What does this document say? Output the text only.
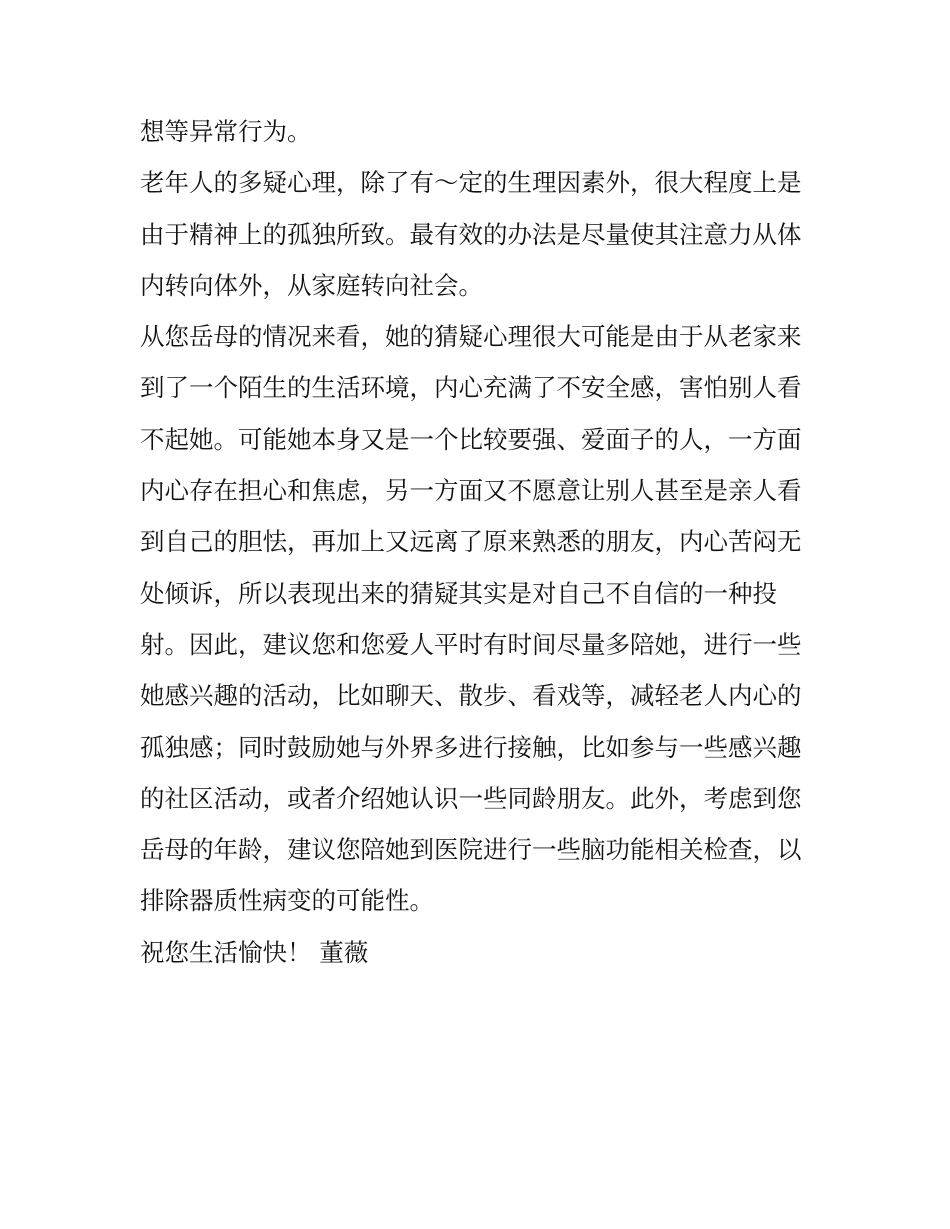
想等异常行为。
老年人的多疑心理，除了有～定的生理因素外，很大程度上是
由于精神上的孤独所致。最有效的办法是尽量使其注意力从体
内转向体外，从家庭转向社会。
从您岳母的情况来看，她的猜疑心理很大可能是由于从老家来
到了一个陌生的生活环境，内心充满了不安全感，害怕别人看
不起她。可能她本身又是一个比较要强、爱面子的人，一方面
内心存在担心和焦虑，另一方面又不愿意让别人甚至是亲人看
到自己的胆怯，再加上又远离了原来熟悉的朋友，内心苦闷无
处倾诉，所以表现出来的猜疑其实是对自己不自信的一种投
射。因此，建议您和您爱人平时有时间尽量多陪她，进行一些
她感兴趣的活动，比如聊天、散步、看戏等，减轻老人内心的
孤独感；同时鼓励她与外界多进行接触，比如参与一些感兴趣
的社区活动，或者介绍她认识一些同龄朋友。此外，考虑到您
岳母的年龄，建议您陪她到医院进行一些脑功能相关检查，以
排除器质性病变的可能性。
祝您生活愉快！ 董薇
